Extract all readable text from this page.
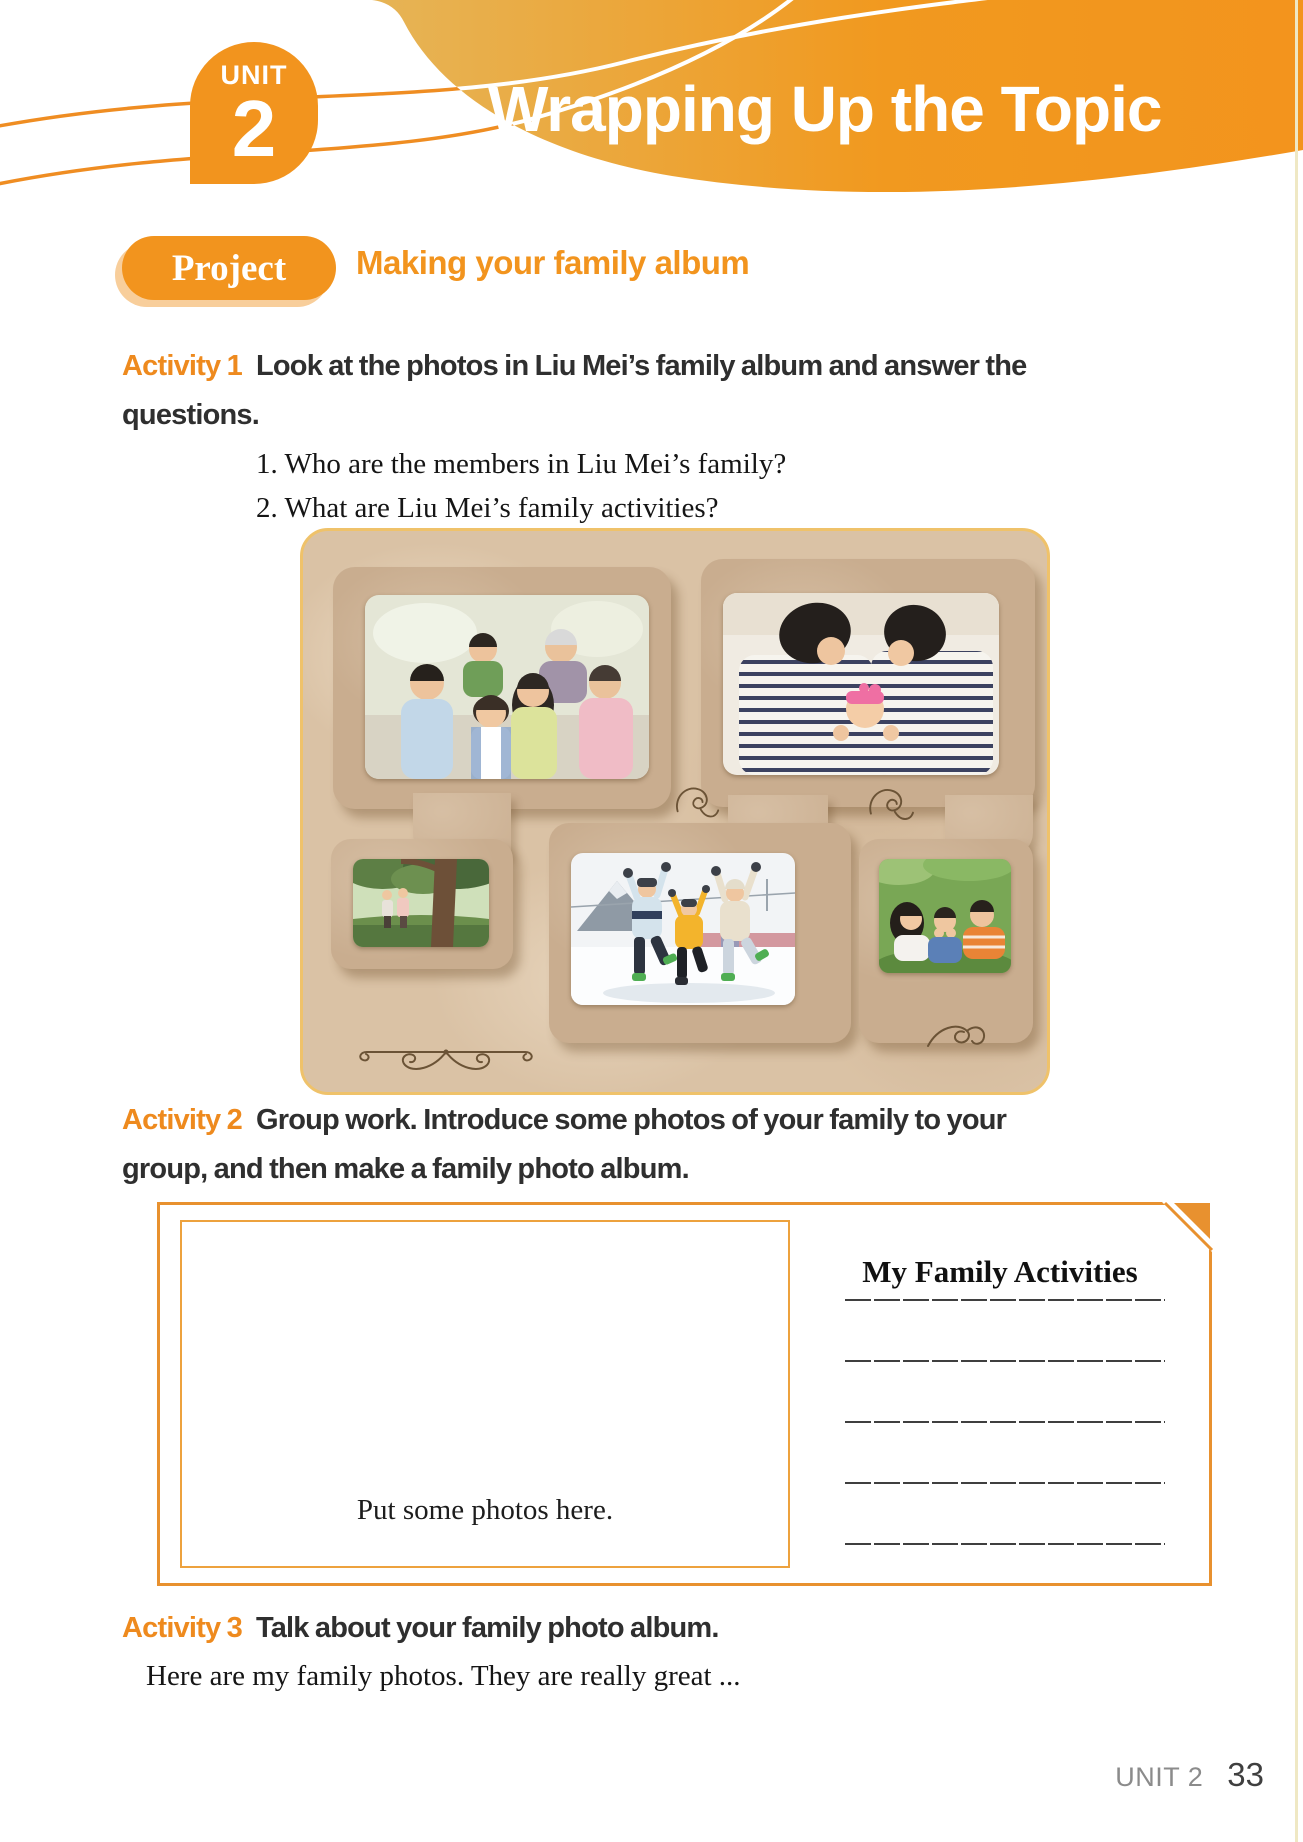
UNIT
2	Wrapping Up the Topic
Project Making your family album
Activity 1 Look at the photos in Liu Mei’s family album and answer the
questions.
1. Who are the members in Liu Mei’s family?
2. What are Liu Mei’s family activities?
Activity 2 Group work. Introduce some photos of your family to your
group, and then make a family photo album.
Put some photos here.
My Family Activities
Activity 3 Talk about your family photo album.
Here are my family photos. They are really great ...
UNIT 2 33
